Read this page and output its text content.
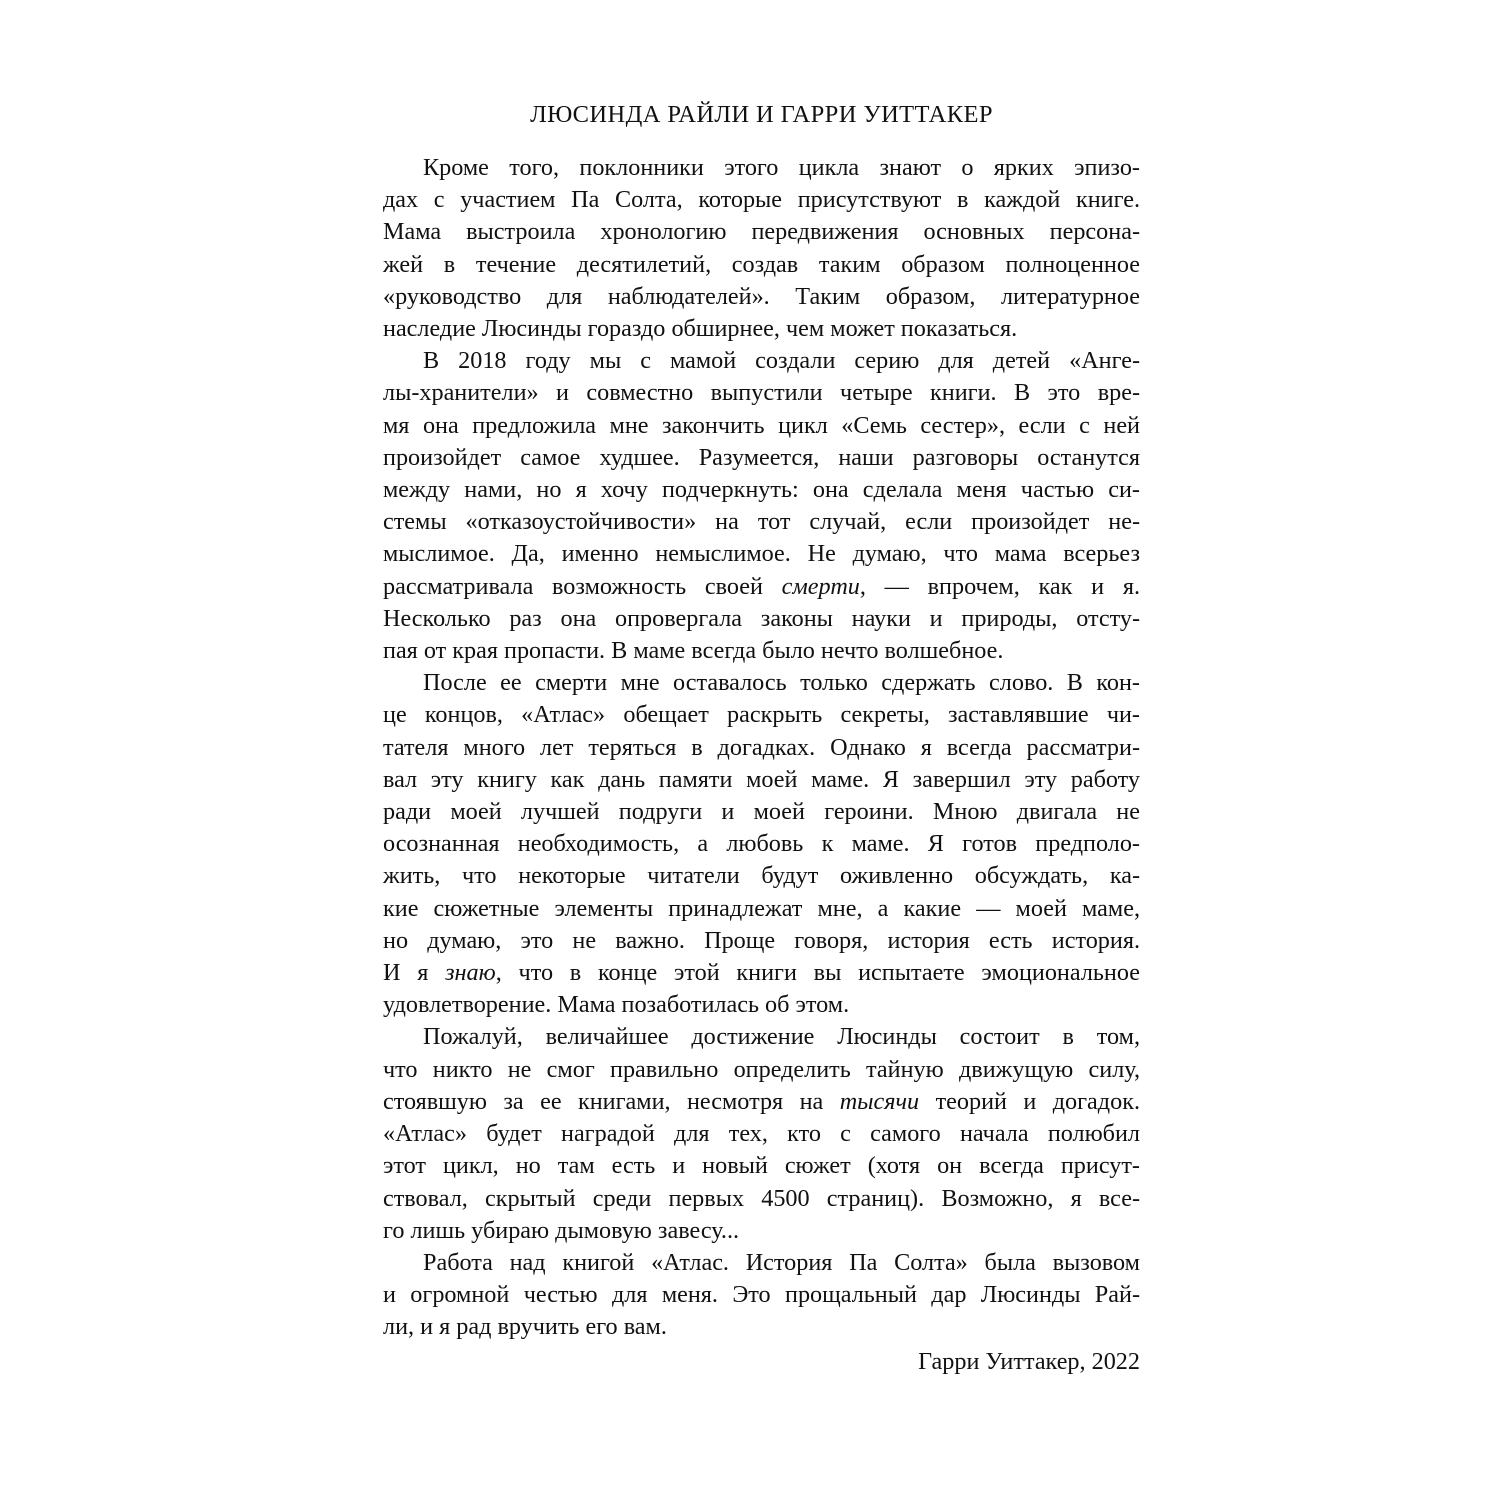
ЛЮСИНДА РАЙЛИ И ГАРРИ УИТТАКЕР

Кроме того, поклонники этого цикла знают о ярких эпизо-
дах с участием Па Солта, которые присутствуют в каждой книге.
Мама выстроила хронологию передвижения основных персона-
жей в течение десятилетий, создав таким образом полноценное
«руководство для наблюдателей». Таким образом, литературное
наследие Люсинды гораздо обширнее, чем может показаться.

В 2018 году мы с мамой создали серию для детей «Анге-
лы-хранители» и совместно выпустили четыре книги. В это вре-
мя она предложила мне закончить цикл «Семь сестер», если с ней
произойдет самое худшее. Разумеется, наши разговоры останутся
между нами, но я хочу подчеркнуть: она сделала меня частью си-
стемы «отказоустойчивости» на тот случай, если произойдет не-
мыслимое. Да, именно немыслимое. Не думаю, что мама всерьез
рассматривала возможность своей смерти, — впрочем, как и я.
Несколько раз она опровергала законы науки и природы, отсту-
пая от края пропасти. В маме всегда было нечто волшебное.

После ее смерти мне оставалось только сдержать слово. В кон-
це концов, «Атлас» обещает раскрыть секреты, заставлявшие чи-
тателя много лет теряться в догадках. Однако я всегда рассматри-
вал эту книгу как дань памяти моей маме. Я завершил эту работу
ради моей лучшей подруги и моей героини. Мною двигала не
осознанная необходимость, а любовь к маме. Я готов предполо-
жить, что некоторые читатели будут оживленно обсуждать, ка-
кие сюжетные элементы принадлежат мне, а какие — моей маме,
но думаю, это не важно. Проще говоря, история есть история.
И я знаю, что в конце этой книги вы испытаете эмоциональное
удовлетворение. Мама позаботилась об этом.

Пожалуй, величайшее достижение Люсинды состоит в том,
что никто не смог правильно определить тайную движущую силу,
стоявшую за ее книгами, несмотря на тысячи теорий и догадок.
«Атлас» будет наградой для тех, кто с самого начала полюбил
этот цикл, но там есть и новый сюжет (хотя он всегда присут-
ствовал, скрытый среди первых 4500 страниц). Возможно, я все-
го лишь убираю дымовую завесу...

Работа над книгой «Атлас. История Па Солта» была вызовом
и огромной честью для меня. Это прощальный дар Люсинды Рай-
ли, и я рад вручить его вам.

Гарри Уиттакер, 2022
